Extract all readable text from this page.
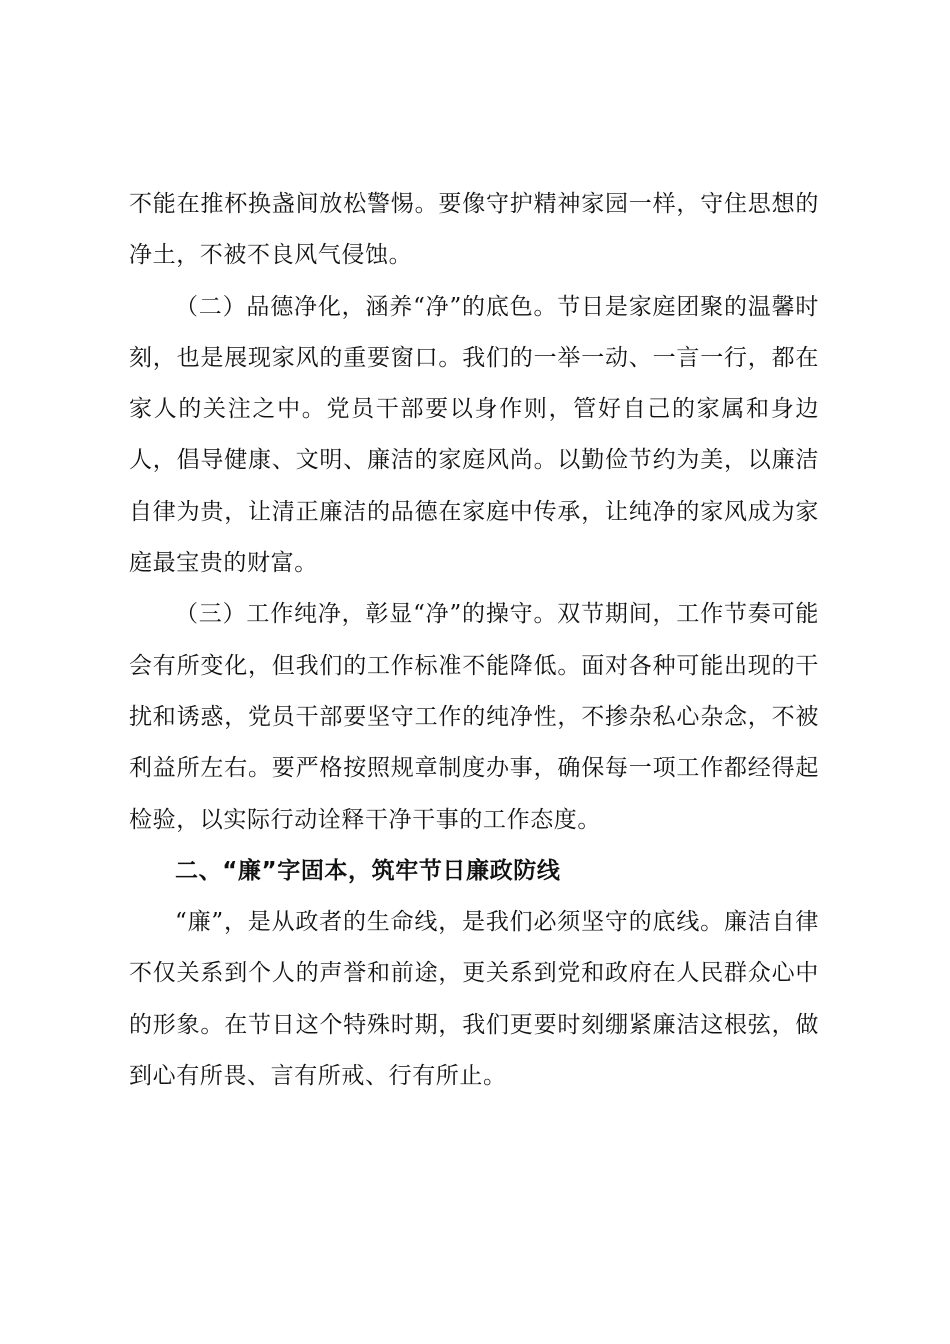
不能在推杯换盏间放松警惕。要像守护精神家园一样，守住思想的净土，不被不良风气侵蚀。

（二）品德净化，涵养“净”的底色。节日是家庭团聚的温馨时刻，也是展现家风的重要窗口。我们的一举一动、一言一行，都在家人的关注之中。党员干部要以身作则，管好自己的家属和身边人，倡导健康、文明、廉洁的家庭风尚。以勤俭节约为美，以廉洁自律为贵，让清正廉洁的品德在家庭中传承，让纯净的家风成为家庭最宝贵的财富。

（三）工作纯净，彰显“净”的操守。双节期间，工作节奏可能会有所变化，但我们的工作标准不能降低。面对各种可能出现的干扰和诱惑，党员干部要坚守工作的纯净性，不掺杂私心杂念，不被利益所左右。要严格按照规章制度办事，确保每一项工作都经得起检验，以实际行动诠释干净干事的工作态度。

二、“廉”字固本，筑牢节日廉政防线

“廉”，是从政者的生命线，是我们必须坚守的底线。廉洁自律不仅关系到个人的声誉和前途，更关系到党和政府在人民群众心中的形象。在节日这个特殊时期，我们更要时刻绷紧廉洁这根弦，做到心有所畏、言有所戒、行有所止。
